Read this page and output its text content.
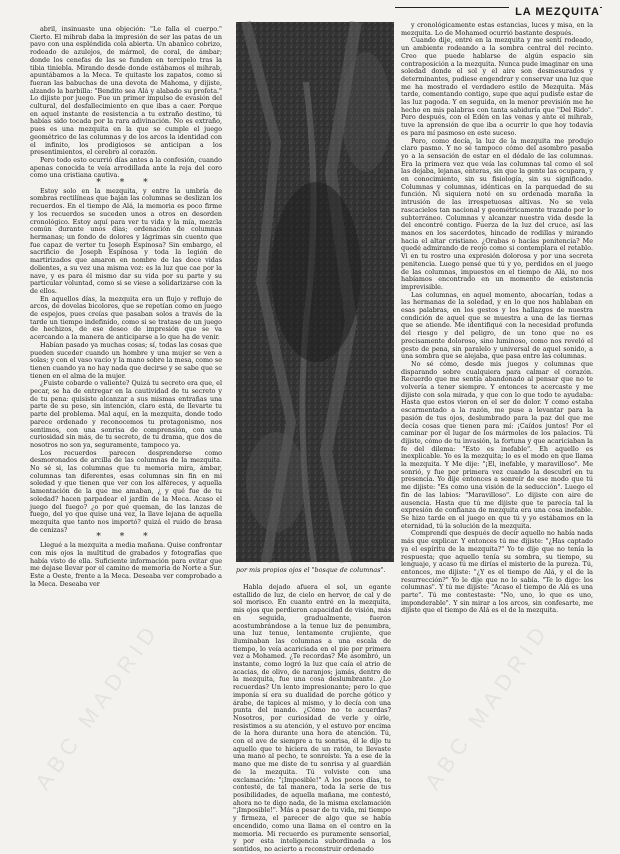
LA MEZQUITA

abril, insinuaste una objeción: "Le falla el cuerpo." Cierto. El mihrab daba la impresión de ser las patas de un pavo con una espléndida cola abierta. Un abanico cobrizo, rodeado de azulejos, de mármol, de coral, de ámbar; donde los cenefas de las se funden en tercipelo tras la tibia tiniebla. Mirando desde donde estábamos el mihrab, apuntábamos a la Meca. Te quitaste los zapatos, como si fueran las babuchas de una devota de Mahoma, y dijiste, alzando la barbilla: "Bendito sea Alá y alabado su profeta." Lo dijiste por juego. Fue un primer impulso de evasión del cultural, del desfallecimiento en que ibas a caer. Porque en aquel instante de resistencia a tu extraño destino, tú habías sido tocada por la rara adivinación. No es extraño, pues es una mezquita en la que se cumple el juego geométrico de las columnas y de los arcos la identidad con el infinito, los prodigiosos se anticipan a los presentimientos, el cerebro al corazón.

Pero todo esto ocurrió días antes a la confesión, cuando apenas conocida te veía arrodillada ante la reja del coro como una cristiana cautiva.

* * *

Estoy solo en la mezquita, y entre la umbría de sombras rectilíneas que bajan las columnas se deslizan los recuerdos. En el tiempo de Alá, la memoria es poco firme y los recuerdos se suceden unos a otros en desorden cronológico. Estoy aquí para ver tu vida y la mía, mezcla común durante unos días; ordenación de columnas hermanas; un fondo de dolores y lágrimas sin cuento que fue capaz de verter tu Joseph Espínosa? Sin embargo, el sacrificio de Joseph Espínosa y toda la legión de martirizados que amaron en nombre de las doce vidas dolientes, a su vez una misma voz: es la luz que cae por la nave, y es para él mismo dar su vida por su parte y su particular voluntad, como si se viese a solidarizarse con la de ellos.

En aquellos días, la mezquita era un flujo y reflujo de arcos, de dovelas bicolores, que se repetían como en juego de espejos, pues creías que pasaban solos a través de la tarde un tiempo indefinido, como si se tratase de un juego de hechizos, de ese deseo de impresión que se va acercando a la manera de anticiparse a lo que ha de venir.

Habían pasado ya muchas cosas; sí, todas las cosas que pueden suceder cuando un hombre y una mujer se ven a solas; y con el vaso vacío y la mano sobre la mesa, como se tienen cuando ya no hay nada que decirse y se sabe que se tienen en el alma de la mujer.

¿Fuiste cobarde o valiente? Quizá tu secreto era que, el pecar, se ha de entregar en la cautividad de tu secreto y de tu pena: quisiste alcanzar a sus mismas entrañas una parte de su peso, sin intención, claro está, de llevarte tu parte del problema. Mal aquí, en la mezquita, donde todo parece ordenado y reconocemos tu protagonismo, nos sentimos, con una sonrisa de comprensión, con una curiosidad sin más, de tu secreto, de tu drama, que dos de nosotros no son ya, seguramente, tampoco ya.

Los recuerdos parecen desprenderse como desmoronados de arcilla de las columnas de la mezquita. No sé si, las columnas que tu memoria mira, ámbar, columnas tan diferentes, esas columnas sin fin en mi soledad y que tienen que ver con los alféreces, y aquella lamentación de la que me amaban, ¿ y qué fue de tu soledad? hacen parpadear el jardín de la Meca. Acaso el juego del fuego? ¿o por qué queman, de las lanzas de fuego, del yo que quise una vez, la llave lejana de aquella mezquita que tanto nos importó? quizá el ruido de brasa de cenizas?

* * *

Llegué a la mezquita a media mañana. Quise confrontar con mis ojos la multitud de grabados y fotografías que había visto de ella. Suficiente información para evitar que me dejase llevar por el camino de memoria de Norte a Sur. Este a Oeste, frente a la Meca. Deseaba ver comprobado a la Meca. Deseaba ver

por mis propios ojos el "bosque de columnas".

Habla dejado afuera el sol, un egante estallido de luz, de cielo en hervor, de cal y de sol morisco. En cuanto entré en la mezquita, mis ojos que perdieron capacidad de visión, más en seguida, gradualmente, fueron acostumbrándose a la tenue luz de penumbra, una luz tenue, lentamente crujiente, que iluminaban las columnas a una escala de tiempo, lo veía acariciada en el pie por primera vez a Mohamed. ¿Te recordas? Me asombró, un instante, como logró la luz que caía el atrio de acacias, de olivo, de naranjos; jamás, dentro de la mezquita, fue una cosa deslumbrante. ¿Lo recuerdas? Un lento impresionante; pero lo que imponía sí era su dualidad de porche gótico y árabe, de tapices al mismo, y lo decía con una punta del mando. ¿Cómo no te acuerdas? Nosotros, por curiosidad de verle y oírle, resistimos a su atención, y el estuvo por encima de la hora durante una hora de atención. Tú, con el ave de siempre a tu sonrisa, él le dijo tu aquello que te hiciera de un ratón, te llevaste una mano al pecho, te sonreíste. Ya a ese de la mano que me diste de tu sonrisa y al guardián de la mezquita. Tú volviste con una exclamación: "¡Imposible!" A los pocos días, te contesté, de tal manera, toda la serie de tus posibilidades, de aquella mañana, me contestó, ahora no te digo nada, de la misma exclamación "¡Imposible!". Más a pesar de tu vida, mi tiempo y firmeza, el parecer de algo que se había encendido, como una llama en el centro en la memoria. Mi recuerdo es puramente sensorial, y por esta inteligencia subordinada a los sentidos, no acierto a reconstruir ordenado

y cronológicamente estas estancias, luces y misa, en la mezquita. Lo de Mohamed ocurrió bastante después.

Cuando dije, entré en la mezquita y me sentí rodeado, un ambiente rodeando a la sombra central del recinto. Creo que puede hablarse de algún espacio sin contraposición a la mezquita. Nunca pude imaginar en una soledad donde el sol y el aire son desmesurados y determinantes, pudiese engendrar y conservar una luz que me ha mostrado el verdadero estilo de Mezquita. Más tarde, comentando contigo, supe que aquí pudiste estar de las luz pagoda. Y en seguida, en la menor previsión me he hecho en mis palabras con tanta sabiduría que "Del Rido". Pero después, con el Edén en las venas y ante el mihrab, tuve la aprensión de que iba a ocurrir lo que hoy todavía es para mí pasmoso en este suceso.

Pero, como decía, la luz de la mezquita me produjo claro pasmo. Y no sé tampoco cómo del asombro pasaba yo a la sensación de estar en el dédalo de las columnas. Era la primera vez que veía las columnas tal como el sol las dejaba, lejanas, enteras, sin que la gente las ocupara, y en conocimiento, sin su fisiología, sin su significado. Columnas y columnas, idénticas en la parquedad de su función. Ni siquiera noté en su ordenada maraña la intrusión de las irrespetuosas altivas. No se vela rascacielos tan nacional y geométricamente trazado por lo subterráneo. Columnas y alcanzar nuestra vida desde la del encontré contigo. Fuerza de la luz del cruce, así las manos en los sacerdotes, hincado de rodillas y mirando hacia el altar cristiano. ¿Orabas o hacías penitencia? Me quedé admirando de reojo como si contemplara el retablo. Vi en tu rostro una expresión dolorosa y por una secreta penitencia. Luego pensé que tú y yo, perdidos en el juego de las columnas, impuestos en el tiempo de Alá, no nos habíamos encontrado en un momento de existencia imprevisible.

Las columnas, en aquel momento, abocarían, todas a las hermanas de la soledad, y en lo que nos hablaban en esas palabras, en los gestos y los hallazgos de nuestra condición de aquel que se muestra a una de las tiernas que se atiende. Me identifiqué con la necesidad profunda del riesgo y del peligro, de un tono que no es precisamente doloroso, sino luminoso, como nos reveló el gesto de pena, sin paralelo y universal de aquel sonido, a una sombra que se alejaba, que pasa entre las columnas.

No sé cómo, desde mis juegos y columnas que disparando sobre cualquiera para calmar el corazón. Recuerdo que me sentía abandonado al pensar que no te volvería a tener siempre. Y entonces te acercaste y me dijiste con sola mirada, y que con lo que todo te ayudaba: Hasta que estos vieron en el ser de dolor. Y como estaba escarmentado a la razón, me puse a levantar para la pasión de tus ojos, deslumbrado para la paz del que me decía cosas que tienen para mí: ¡Caídos juntos! Por el caminar por el lugar de los mármoles de los palacios. Tú dijiste, cómo de tu invasión, la fortuna y que acariciaban la fe del dilema: "Esto es inefable". Eh aquello es inexplicable. Yo es la mezquita; lo es el modo en que llama la mezquita. Y Me dije: "¡El, inefable, y maravilloso". Me sonrió, y fue por primera vez cuando la descubrí en tu presencia. Yo dije entonces a sonreír de ese modo que tú me dijiste: "Es como una visión de la seducción". Luego el fin de las labios: "Maravilloso". Lo dijiste con aire de ausencia. Hasta que tú me dijiste que te parecía tal la expresión de confianza de mezquita era una cosa inefable. Se hizo tarde en el juego en que tú y yo estábamos en la eternidad, tú la solución de la mezquita.

Comprendí que después de decir aquello no había nada más que explicar. Y entonces tú me dijiste: "¿Has captado ya el espíritu de la mezquita?" Yo te dije que no tenía la respuesta; que aquello tenía su sombra, su tiempo, su lenguaje, y acaso tú me dirías el misterio de la pureza. Tú, entonces, me dijiste: "¿Y es el tiempo de Alá, y el de la resurrección?" Yo le dije que no lo sabía. "Te lo digo: los columnas". Y tú me dijiste: "Acaso el tiempo de Alá es una parte". Tú me contestaste: "No, uno, lo que es uno, imponderable". Y sin mirar a los arcos, sin confesarte, me dijiste que el tiempo de Alá es el de la mezquita.

ABC MADRID	ABC MADRID
